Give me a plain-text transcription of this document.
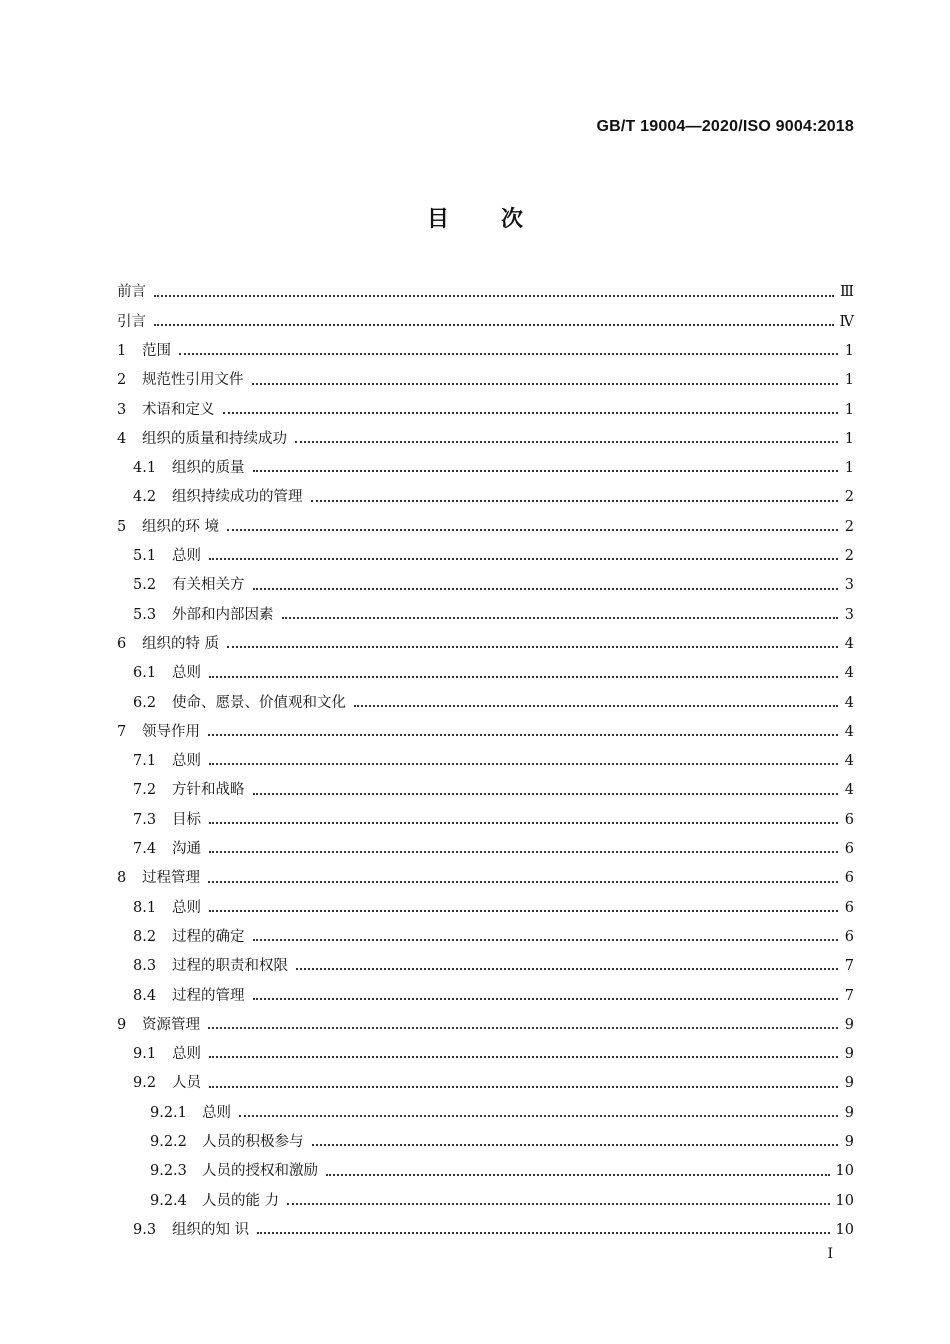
GB/T 19004—2020/ISO 9004:2018
目 次
前言	Ⅲ
引言	Ⅳ
1	范围	1
2	规范性引用文件	1
3	术语和定义	1
4	组织的质量和持续成功	1
4.1	组织的质量	1
4.2	组织持续成功的管理	2
5	组织的环 境	2
5.1	总则	2
5.2	有关相关方	3
5.3	外部和内部因素	3
6	组织的特 质	4
6.1	总则	4
6.2	使命、愿景、价值观和文化	4
7	领导作用	4
7.1	总则	4
7.2	方针和战略	4
7.3	目标	6
7.4	沟通	6
8	过程管理	6
8.1	总则	6
8.2	过程的确定	6
8.3	过程的职责和权限	7
8.4	过程的管理	7
9	资源管理	9
9.1	总则	9
9.2	人员	9
9.2.1	总则	9
9.2.2	人员的积极参与	9
9.2.3	人员的授权和激励	10
9.2.4	人员的能 力	10
9.3	组织的知 识	10
I
